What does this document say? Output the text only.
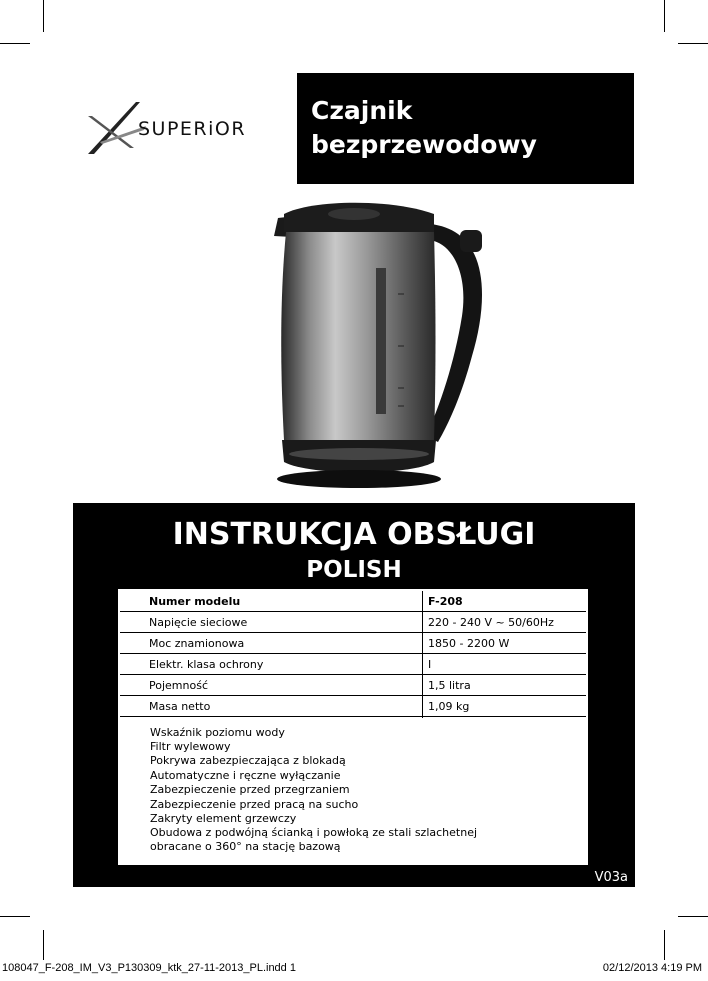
SUPERiOR
Czajnik
bezprzewodowy
INSTRUKCJA OBSŁUGI
POLISH
Numer modelu	F-208
Napięcie sieciowe	220 - 240 V ~ 50/60Hz
Moc znamionowa	1850 - 2200 W
Elektr. klasa ochrony	I
Pojemność	1,5 litra
Masa netto	1,09 kg
Wskaźnik poziomu wody
Filtr wylewowy
Pokrywa zabezpieczająca z blokadą
Automatyczne i ręczne wyłączanie
Zabezpieczenie przed przegrzaniem
Zabezpieczenie przed pracą na sucho
Zakryty element grzewczy
Obudowa z podwójną ścianką i powłoką ze stali szlachetnej
obracane o 360° na stację bazową
V03a
108047_F-208_IM_V3_P130309_ktk_27-11-2013_PL.indd 1	02/12/2013 4:19 PM
